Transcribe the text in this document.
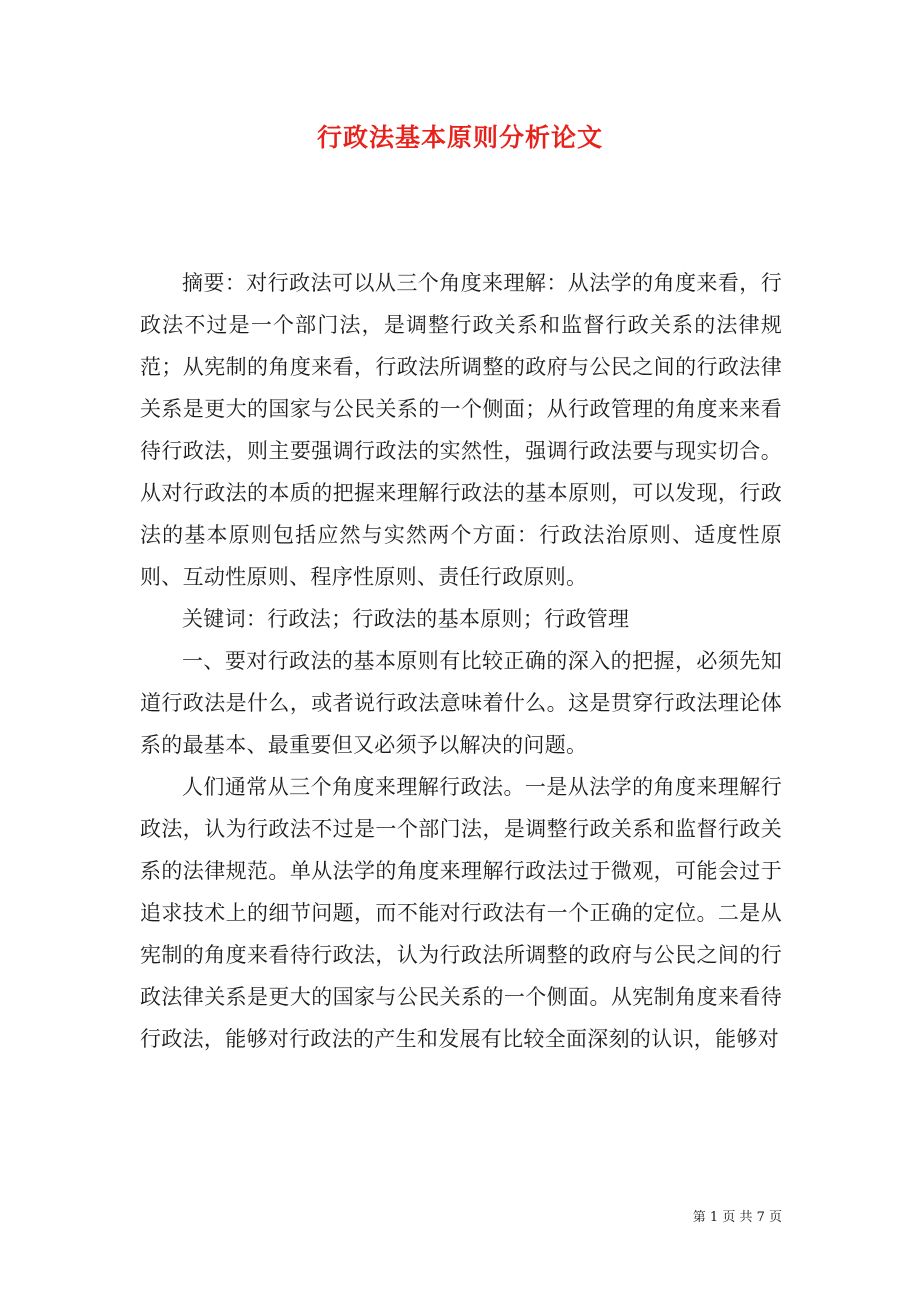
行政法基本原则分析论文

摘要：对行政法可以从三个角度来理解：从法学的角度来看，行政法不过是一个部门法，是调整行政关系和监督行政关系的法律规范；从宪制的角度来看，行政法所调整的政府与公民之间的行政法律关系是更大的国家与公民关系的一个侧面；从行政管理的角度来来看待行政法，则主要强调行政法的实然性，强调行政法要与现实切合。从对行政法的本质的把握来理解行政法的基本原则，可以发现，行政法的基本原则包括应然与实然两个方面：行政法治原则、适度性原则、互动性原则、程序性原则、责任行政原则。

关键词：行政法；行政法的基本原则；行政管理

一、要对行政法的基本原则有比较正确的深入的把握，必须先知道行政法是什么，或者说行政法意味着什么。这是贯穿行政法理论体系的最基本、最重要但又必须予以解决的问题。

人们通常从三个角度来理解行政法。一是从法学的角度来理解行政法，认为行政法不过是一个部门法，是调整行政关系和监督行政关系的法律规范。单从法学的角度来理解行政法过于微观，可能会过于追求技术上的细节问题，而不能对行政法有一个正确的定位。二是从宪制的角度来看待行政法，认为行政法所调整的政府与公民之间的行政法律关系是更大的国家与公民关系的一个侧面。从宪制角度来看待行政法，能够对行政法的产生和发展有比较全面深刻的认识，能够对

第 1 页 共 7 页
